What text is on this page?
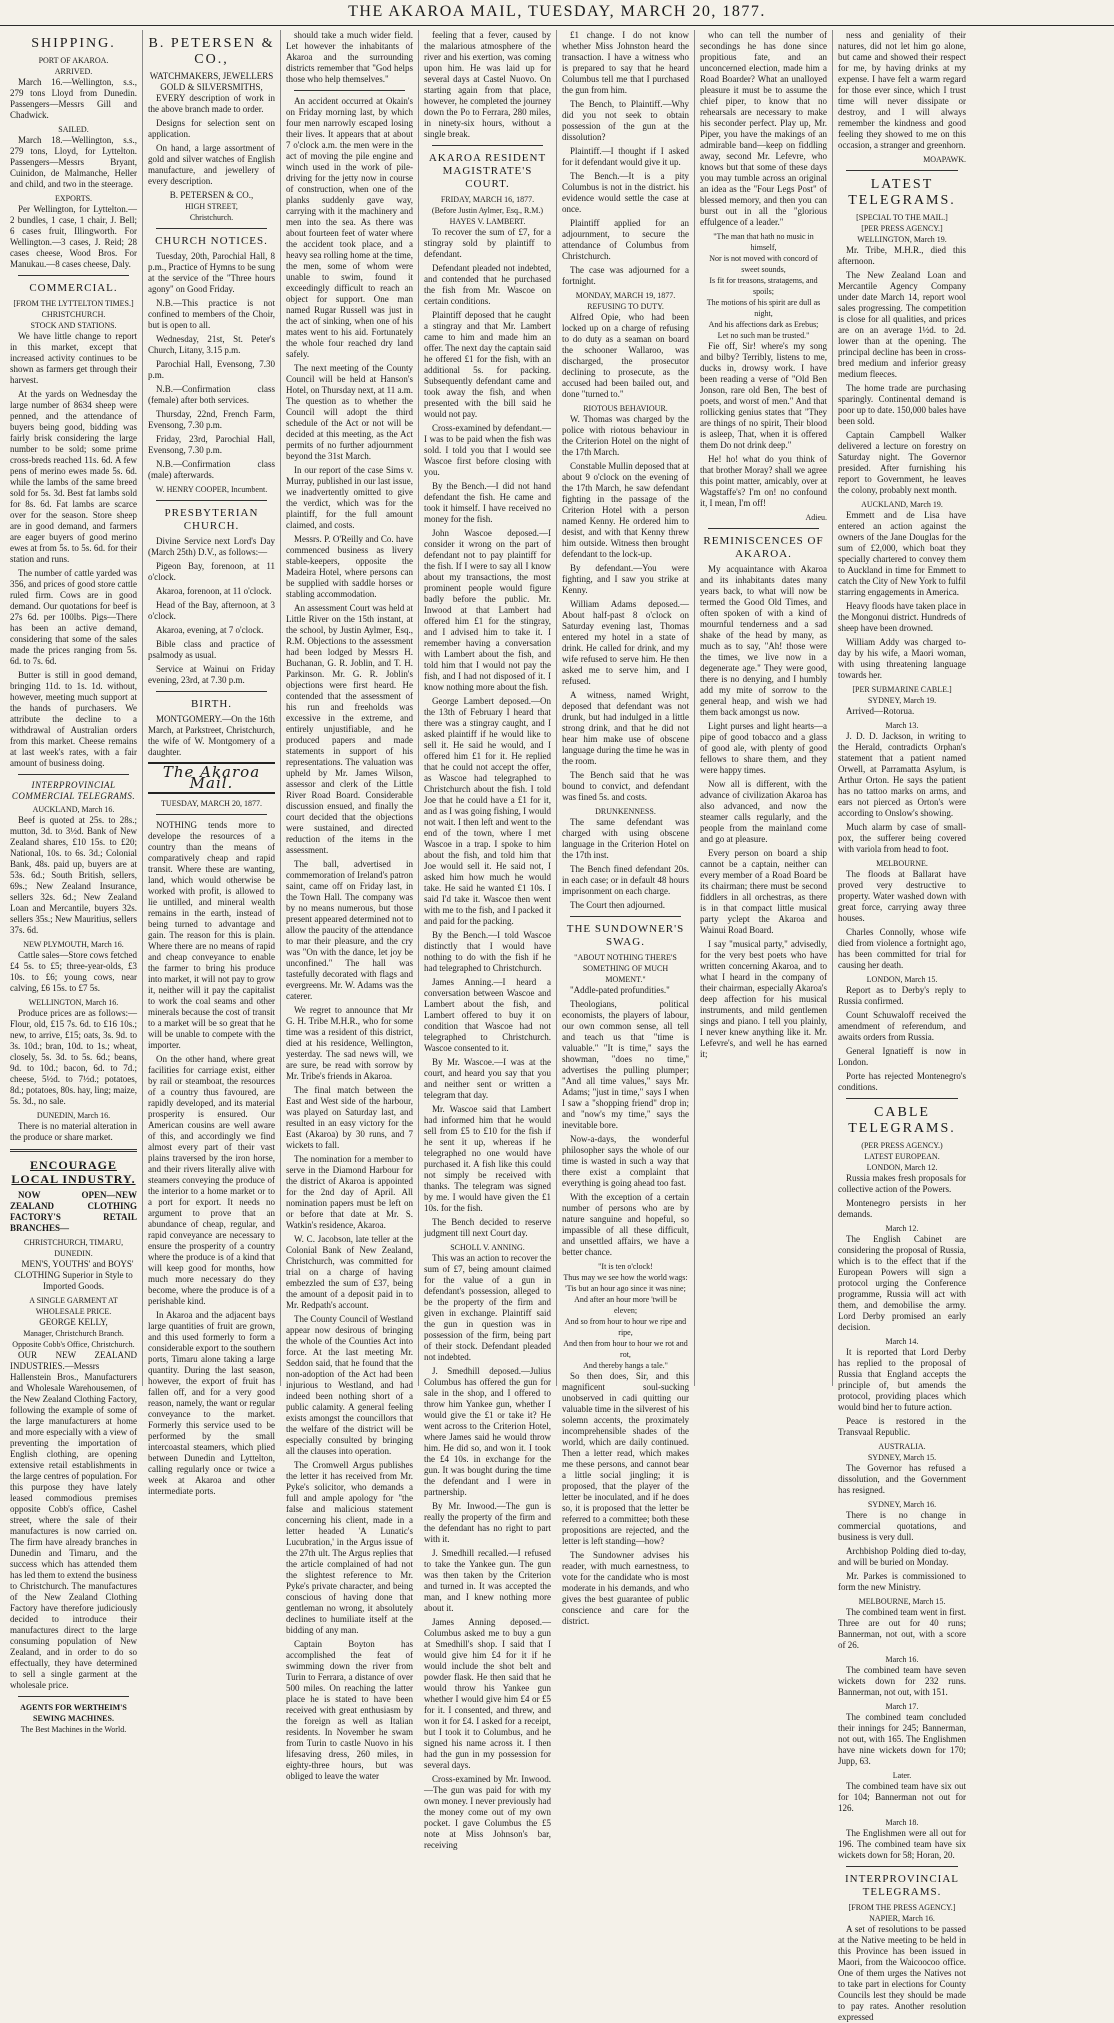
THE AKAROA MAIL, TUESDAY, MARCH 20, 1877.
SHIPPING.
PORT OF AKAROA.
ARRIVED.

March 16.—Wellington, s.s., 279 tons Lloyd from Dunedin. Passengers—Messrs Gill and Chadwick.

SAILED.

March 18.—Wellington, s.s., 279 tons, Lloyd, for Lyttelton. Passengers—Messrs Bryant, Cuinidon, de Malmanche, Heller and child, and two in the steerage.

EXPORTS.

Per Wellington, for Lyttelton.—2 bundles, 1 case, 1 chair, J. Bell; 6 cases fruit, Illingworth. For Wellington.—3 cases, J. Reid; 28 cases cheese, Wood Bros. For Manukau.—8 cases cheese, Daly.

COMMERCIAL.
[FROM THE LYTTELTON TIMES.]
CHRISTCHURCH.
STOCK AND STATIONS.

We have little change to report in this market, except that increased activity continues to be shown as farmers get through their harvest.

At the yards on Wednesday the large number of 8634 sheep were penned, and the attendance of buyers being good, bidding was fairly brisk considering the large number to be sold; some prime cross-breds reached 11s. 6d. A few pens of merino ewes made 5s. 6d. while the lambs of the same breed sold for 5s. 3d. Best fat lambs sold for 8s. 6d. Fat lambs are scarce over for the season. Store sheep are in good demand, and farmers are eager buyers of good merino ewes at from 5s. to 5s. 6d. for their station and runs.

The number of cattle yarded was 356, and prices of good store cattle ruled firm. Cows are in good demand. Our quotations for beef is 27s 6d. per 100lbs. Pigs—There has been an active demand, considering that some of the sales made the prices ranging from 5s. 6d. to 7s. 6d.

Butter is still in good demand, bringing 11d. to 1s. 1d. without, however, meeting much support at the hands of purchasers. We attribute the decline to a withdrawal of Australian orders from this market. Cheese remains at last week's rates, with a fair amount of business doing.

INTERPROVINCIAL COMMERCIAL TELEGRAMS.
AUCKLAND, March 16.

Beef is quoted at 25s. to 28s.; mutton, 3d. to 3½d. Bank of New Zealand shares, £10 15s. to £20; National, 10s. to 6s. 3d.; Colonial Bank, 48s. paid up, buyers are at 53s. 6d.; South British, sellers, 69s.; New Zealand Insurance, sellers 32s. 6d.; New Zealand Loan and Mercantile, buyers 32s. sellers 35s.; New Mauritius, sellers 37s. 6d.

NEW PLYMOUTH, March 16.

Cattle sales—Store cows fetched £4 5s. to £5; three-year-olds, £3 10s. to £6; young cows, near calving, £6 15s. to £7 5s.

WELLINGTON, March 16.

Produce prices are as follows:—Flour, old, £15 7s. 6d. to £16 10s.; new, to arrive, £15; oats, 3s. 9d. to 3s. 10d.; bran, 10d. to 1s.; wheat, closely, 5s. 3d. to 5s. 6d.; beans, 9d. to 10d.; bacon, 6d. to 7d.; cheese, 5½d. to 7½d.; potatoes, 8d.; potatoes, 80s. hay, ling; maize, 5s. 3d., no sale.

DUNEDIN, March 16.

There is no material alteration in the produce or share market.

ENCOURAGE LOCAL INDUSTRY.

NOW OPEN—NEW ZEALAND CLOTHING FACTORY'S RETAIL BRANCHES—

CHRISTCHURCH, TIMARU, DUNEDIN.

MEN'S, YOUTHS' and BOYS' CLOTHING Superior in Style to Imported Goods.

A SINGLE GARMENT AT WHOLESALE PRICE.
GEORGE KELLY,
Manager, Christchurch Branch.
Opposite Cobb's Office, Christchurch.

OUR NEW ZEALAND INDUSTRIES.—Messrs Hallenstein Bros., Manufacturers and Wholesale Warehousemen, of the New Zealand Clothing Factory, following the example of some of the large manufacturers at home and more especially with a view of preventing the importation of English clothing, are opening extensive retail establishments in the large centres of population. For this purpose they have lately leased commodious premises opposite Cobb's office, Cashel street, where the sale of their manufactures is now carried on. The firm have already branches in Dunedin and Timaru, and the success which has attended them has led them to extend the business to Christchurch. The manufactures of the New Zealand Clothing Factory have therefore judiciously decided to introduce their manufactures direct to the large consuming population of New Zealand, and in order to do so effectually, they have determined to sell a single garment at the wholesale price.

AGENTS FOR WERTHEIM'S SEWING MACHINES.
The Best Machines in the World.
B. PETERSEN & CO.,
WATCHMAKERS, JEWELLERS GOLD & SILVERSMITHS,

EVERY description of work in the above branch made to order.

Designs for selection sent on application.

On hand, a large assortment of gold and silver watches of English manufacture, and jewellery of every description.

B. PETERSEN & CO.,
HIGH STREET,
Christchurch.
CHURCH NOTICES.

Tuesday, 20th, Parochial Hall, 8 p.m., Practice of Hymns to be sung at the service of the "Three hours agony" on Good Friday.

N.B.—This practice is not confined to members of the Choir, but is open to all.

Wednesday, 21st, St. Peter's Church, Litany, 3.15 p.m.

Parochial Hall, Evensong, 7.30 p.m.

N.B.—Confirmation class (female) after both services.

Thursday, 22nd, French Farm, Evensong, 7.30 p.m.

Friday, 23rd, Parochial Hall, Evensong, 7.30 p.m.

N.B.—Confirmation class (male) afterwards.

W. HENRY COOPER, Incumbent.
PRESBYTERIAN CHURCH.

Divine Service next Lord's Day (March 25th) D.V., as follows:—

Pigeon Bay, forenoon, at 11 o'clock.

Akaroa, forenoon, at 11 o'clock.

Head of the Bay, afternoon, at 3 o'clock.

Akaroa, evening, at 7 o'clock.

Bible class and practice of psalmody as usual.

Service at Wainui on Friday evening, 23rd, at 7.30 p.m.

BIRTH.

MONTGOMERY.—On the 16th March, at Parkstreet, Christchurch, the wife of W. Montgomery of a daughter.

The Akaroa Mail.
TUESDAY, MARCH 20, 1877.

NOTHING tends more to develope the resources of a country than the means of comparatively cheap and rapid transit. Where these are wanting, land, which would otherwise be worked with profit, is allowed to lie untilled, and mineral wealth remains in the earth, instead of being turned to advantage and gain. The reason for this is plain. Where there are no means of rapid and cheap conveyance to enable the farmer to bring his produce into market, it will not pay to grow it, neither will it pay the capitalist to work the coal seams and other minerals because the cost of transit to a market will be so great that he will be unable to compete with the importer.

On the other hand, where great facilities for carriage exist, either by rail or steamboat, the resources of a country thus favoured, are rapidly developed, and its material prosperity is ensured. Our American cousins are well aware of this, and accordingly we find almost every part of their vast plains traversed by the iron horse, and their rivers literally alive with steamers conveying the produce of the interior to a home market or to a port for export. It needs no argument to prove that an abundance of cheap, regular, and rapid conveyance are necessary to ensure the prosperity of a country where the produce is of a kind that will keep good for months, how much more necessary do they become, where the produce is of a perishable kind.

In Akaroa and the adjacent bays large quantities of fruit are grown, and this used formerly to form a considerable export to the southern ports, Timaru alone taking a large quantity. During the last season, however, the export of fruit has fallen off, and for a very good reason, namely, the want or regular conveyance to the market. Formerly this service used to be performed by the small intercoastal steamers, which plied between Dunedin and Lyttelton, calling regularly once or twice a week at Akaroa and other intermediate ports.

should take a much wider field. Let however the inhabitants of Akaroa and the surrounding districts remember that "God helps those who help themselves."

An accident occurred at Okain's on Friday morning last, by which four men narrowly escaped losing their lives. It appears that at about 7 o'clock a.m. the men were in the act of moving the pile engine and winch used in the work of pile-driving for the jetty now in course of construction, when one of the planks suddenly gave way, carrying with it the machinery and men into the sea. As there was about fourteen feet of water where the accident took place, and a heavy sea rolling home at the time, the men, some of whom were unable to swim, found it exceedingly difficult to reach an object for support. One man named Rugar Russell was just in the act of sinking, when one of his mates went to his aid. Fortunately the whole four reached dry land safely.

The next meeting of the County Council will be held at Hanson's Hotel, on Thursday next, at 11 a.m. The question as to whether the Council will adopt the third schedule of the Act or not will be decided at this meeting, as the Act permits of no further adjournment beyond the 31st March.

In our report of the case Sims v. Murray, published in our last issue, we inadvertently omitted to give the verdict, which was for the plaintiff, for the full amount claimed, and costs.

Messrs. P. O'Reilly and Co. have commenced business as livery stable-keepers, opposite the Madeira Hotel, where persons can be supplied with saddle horses or stabling accommodation.

An assessment Court was held at Little River on the 15th instant, at the school, by Justin Aylmer, Esq., R.M. Objections to the assessment had been lodged by Messrs H. Buchanan, G. R. Joblin, and T. H. Parkinson. Mr. G. R. Joblin's objections were first heard. He contended that the assessment of his run and freeholds was excessive in the extreme, and entirely unjustifiable, and he produced papers and made statements in support of his representations. The valuation was upheld by Mr. James Wilson, assessor and clerk of the Little River Road Board. Considerable discussion ensued, and finally the court decided that the objections were sustained, and directed reduction of the items in the assessment.

The ball, advertised in commemoration of Ireland's patron saint, came off on Friday last, in the Town Hall. The company was by no means numerous, but those present appeared determined not to allow the paucity of the attendance to mar their pleasure, and the cry was "On with the dance, let joy be unconfined." The hall was tastefully decorated with flags and evergreens. Mr. W. Adams was the caterer.

We regret to announce that Mr G. H. Tribe M.H.R., who for some time was a resident of this district, died at his residence, Wellington, yesterday. The sad news will, we are sure, be read with sorrow by Mr. Tribe's friends in Akaroa.

The final match between the East and West side of the harbour, was played on Saturday last, and resulted in an easy victory for the East (Akaroa) by 30 runs, and 7 wickets to fall.

The nomination for a member to serve in the Diamond Harbour for the district of Akaroa is appointed for the 2nd day of April. All nomination papers must be left on or before that date at Mr. S. Watkin's residence, Akaroa.

W. C. Jacobson, late teller at the Colonial Bank of New Zealand, Christchurch, was committed for trial on a charge of having embezzled the sum of £37, being the amount of a deposit paid in to Mr. Redpath's account.

The County Council of Westland appear now desirous of bringing the whole of the Counties Act into force. At the last meeting Mr. Seddon said, that he found that the non-adoption of the Act had been injurious to Westland, and had indeed been nothing short of a public calamity. A general feeling exists amongst the councillors that the welfare of the district will be especially consulted by bringing all the clauses into operation.

The Cromwell Argus publishes the letter it has received from Mr. Pyke's solicitor, who demands a full and ample apology for "the false and malicious statement concerning his client, made in a letter headed 'A Lunatic's Lucubration,' in the Argus issue of the 27th ult. The Argus replies that the article complained of had not the slightest reference to Mr. Pyke's private character, and being conscious of having done that gentleman no wrong, it absolutely declines to humiliate itself at the bidding of any man.

Captain Boyton has accomplished the feat of swimming down the river from Turin to Ferrara, a distance of over 500 miles. On reaching the latter place he is stated to have been received with great enthusiasm by the foreign as well as Italian residents. In November he swam from Turin to castle Nuovo in his lifesaving dress, 260 miles, in eighty-three hours, but was obliged to leave the water

feeling that a fever, caused by the malarious atmosphere of the river and his exertion, was coming upon him. He was laid up for several days at Castel Nuovo. On starting again from that place, however, he completed the journey down the Po to Ferrara, 280 miles, in ninety-six hours, without a single break.

AKAROA RESIDENT MAGISTRATE'S COURT.
FRIDAY, MARCH 16, 1877.
(Before Justin Aylmer, Esq., R.M.)
HAYES V. LAMBERT.

To recover the sum of £7, for a stingray sold by plaintiff to defendant.

Defendant pleaded not indebted, and contended that he purchased the fish from Mr. Wascoe on certain conditions.

Plaintiff deposed that he caught a stingray and that Mr. Lambert came to him and made him an offer. The next day the captain said he offered £1 for the fish, with an additional 5s. for packing. Subsequently defendant came and took away the fish, and when presented with the bill said he would not pay.

Cross-examined by defendant.—I was to be paid when the fish was sold. I told you that I would see Wascoe first before closing with you.

By the Bench.—I did not hand defendant the fish. He came and took it himself. I have received no money for the fish.

John Wascoe deposed.—I consider it wrong on the part of defendant not to pay plaintiff for the fish. If I were to say all I know about my transactions, the most prominent people would figure badly before the public. Mr. Inwood at that Lambert had offered him £1 for the stingray, and I advised him to take it. I remember having a conversation with Lambert about the fish, and told him that I would not pay the fish, and I had not disposed of it. I know nothing more about the fish.

George Lambert deposed.—On the 13th of February I heard that there was a stingray caught, and I asked plaintiff if he would like to sell it. He said he would, and I offered him £1 for it. He replied that he could not accept the offer, as Wascoe had telegraphed to Christchurch about the fish. I told Joe that he could have a £1 for it, and as I was going fishing, I would not wait. I then left and went to the end of the town, where I met Wascoe in a trap. I spoke to him about the fish, and told him that Joe would sell it. He said not, I asked him how much he would take. He said he wanted £1 10s. I said I'd take it. Wascoe then went with me to the fish, and I packed it and paid for the packing.

By the Bench.—I told Wascoe distinctly that I would have nothing to do with the fish if he had telegraphed to Christchurch.

James Anning.—I heard a conversation between Wascoe and Lambert about the fish, and Lambert offered to buy it on condition that Wascoe had not telegraphed to Christchurch. Wascoe consented to it.

By Mr. Wascoe.—I was at the court, and heard you say that you and neither sent or written a telegram that day.

Mr. Wascoe said that Lambert had informed him that he would sell from £5 to £10 for the fish if he sent it up, whereas if he telegraphed no one would have purchased it. A fish like this could not simply be received with thanks. The telegram was signed by me. I would have given the £1 10s. for the fish.

The Bench decided to reserve judgment till next Court day.

SCHOLL V. ANNING.

This was an action to recover the sum of £7, being amount claimed for the value of a gun in defendant's possession, alleged to be the property of the firm and given in exchange. Plaintiff said the gun in question was in possession of the firm, being part of their stock. Defendant pleaded not indebted.

J. Smedhill deposed.—Julius Columbus has offered the gun for sale in the shop, and I offered to throw him Yankee gun, whether I would give the £1 or take it? He went across to the Criterion Hotel, where James said he would throw him. He did so, and won it. I took the £4 10s. in exchange for the gun. It was bought during the time the defendant and I were in partnership.

By Mr. Inwood.—The gun is really the property of the firm and the defendant has no right to part with it.

J. Smedhill recalled.—I refused to take the Yankee gun. The gun was then taken by the Criterion and turned in. It was accepted the man, and I knew nothing more about it.

James Anning deposed.—Columbus asked me to buy a gun at Smedhill's shop. I said that I would give him £4 for it if he would include the shot belt and powder flask. He then said that he would throw his Yankee gun whether I would give him £4 or £5 for it. I consented, and threw, and won it for £4. I asked for a receipt, but I took it to Columbus, and he signed his name across it. I then had the gun in my possession for several days.

Cross-examined by Mr. Inwood.—The gun was paid for with my own money. I never previously had the money come out of my own pocket. I gave Columbus the £5 note at Miss Johnson's bar, receiving

£1 change. I do not know whether Miss Johnston heard the transaction. I have a witness who is prepared to say that he heard Columbus tell me that I purchased the gun from him.

The Bench, to Plaintiff.—Why did you not seek to obtain possession of the gun at the dissolution?

Plaintiff.—I thought if I asked for it defendant would give it up.

The Bench.—It is a pity Columbus is not in the district. his evidence would settle the case at once.

Plaintiff applied for an adjournment, to secure the attendance of Columbus from Christchurch.

The case was adjourned for a fortnight.

MONDAY, MARCH 19, 1877.
REFUSING TO DUTY.

Alfred Opie, who had been locked up on a charge of refusing to do duty as a seaman on board the schooner Wallaroo, was discharged, the prosecutor declining to prosecute, as the accused had been bailed out, and done "turned to."

RIOTOUS BEHAVIOUR.

W. Thomas was charged by the police with riotous behaviour in the Criterion Hotel on the night of the 17th March.

Constable Mullin deposed that at about 9 o'clock on the evening of the 17th March, he saw defendant fighting in the passage of the Criterion Hotel with a person named Kenny. He ordered him to desist, and with that Kenny threw him outside. Witness then brought defendant to the lock-up.

By defendant.—You were fighting, and I saw you strike at Kenny.

William Adams deposed.—About half-past 8 o'clock on Saturday evening last, Thomas entered my hotel in a state of drink. He called for drink, and my wife refused to serve him. He then asked me to serve him, and I refused.

A witness, named Wright, deposed that defendant was not drunk, but had indulged in a little strong drink, and that he did not hear him make use of obscene language during the time he was in the room.

The Bench said that he was bound to convict, and defendant was fined 5s. and costs.

DRUNKENNESS.

The same defendant was charged with using obscene language in the Criterion Hotel on the 17th inst.

The Bench fined defendant 20s. in each case; or in default 48 hours imprisonment on each charge.

The Court then adjourned.

THE SUNDOWNER'S SWAG.
"ABOUT NOTHING THERE'S SOMETHING OF MUCH MOMENT."

"Addle-pated profundities."

Theologians, political economists, the players of labour, our own common sense, all tell and teach us that "time is valuable." "It is time," says the showman, "does no time," advertises the pulling plumper; "And all time values," says Mr. Adams; "just in time," says I when I saw a "shopping friend" drop in; and "now's my time," says the inevitable bore.

Now-a-days, the wonderful philosopher says the whole of our time is wasted in such a way that there exist a complaint that everything is going ahead too fast.

With the exception of a certain number of persons who are by nature sanguine and hopeful, so impassible of all these difficult, and unsettled affairs, we have a better chance.

"It is ten o'clock!
Thus may we see how the world wags:
'Tis but an hour ago since it was nine;
And after an hour more 'twill be eleven;
And so from hour to hour we ripe and ripe,
And then from hour to hour we rot and rot,
And thereby hangs a tale."

So then does, Sir, and this magnificent soul-sucking unobserved in cadi quitting our valuable time in the silverest of his solemn accents, the proximately incomprehensible shades of the world, which are daily continued. Then a letter read, which makes me these persons, and cannot bear a little social jingling; it is proposed, that the player of the letter be inoculated, and if he does so, it is proposed that the letter be referred to a committee; both these propositions are rejected, and the letter is left standing—how?

The Sundowner advises his reader, with much earnestness, to vote for the candidate who is most moderate in his demands, and who gives the best guarantee of public conscience and care for the district.

who can tell the number of secondings he has done since propitious fate, and an unconcerned election, made him a Road Boarder? What an unalloyed pleasure it must be to assume the chief piper, to know that no rehearsals are necessary to make his seconder perfect. Play up, Mr. Piper, you have the makings of an admirable band—keep on fiddling away, second Mr. Lefevre, who knows but that some of these days you may tumble across an original an idea as the "Four Legs Post" of blessed memory, and then you can burst out in all the "glorious effulgence of a leader."

"The man that hath no music in himself,
Nor is not moved with concord of sweet sounds,
Is fit for treasons, stratagems, and spoils;
The motions of his spirit are dull as night,
And his affections dark as Erebus;
Let no such man be trusted."

Fie off, Sir! where's my song and bilby? Terribly, listens to me, ducks in, drowsy work. I have been reading a verse of "Old Ben Jonson, rare old Ben, The best of poets, and worst of men." And that rollicking genius states that "They are things of no spirit, Their blood is asleep, That, when it is offered them Do not drink deep."

He! ho! what do you think of that brother Moray? shall we agree this point matter, amicably, over at Wagstaffe's? I'm on! no confound it, I mean, I'm off!

Adieu.
REMINISCENCES OF AKAROA.

My acquaintance with Akaroa and its inhabitants dates many years back, to what will now be termed the Good Old Times, and often spoken of with a kind of mournful tenderness and a sad shake of the head by many, as much as to say, "Ah! those were the times, we live now in a degenerate age." They were good, there is no denying, and I humbly add my mite of sorrow to the general heap, and wish we had them back amongst us now.

Light purses and light hearts—a pipe of good tobacco and a glass of good ale, with plenty of good fellows to share them, and they were happy times.

Now all is different, with the advance of civilization Akaroa has also advanced, and now the steamer calls regularly, and the people from the mainland come and go at pleasure.

Every person on board a ship cannot be a captain, neither can every member of a Road Board be its chairman; there must be second fiddlers in all orchestras, as there is in that compact little musical party yclept the Akaroa and Wainui Road Board.

I say "musical party," advisedly, for the very best poets who have written concerning Akaroa, and to what I heard in the company of their chairman, especially Akaroa's deep affection for his musical instruments, and mild gentlemen sings and piano. I tell you plainly, I never knew anything like it. Mr. Lefevre's, and well he has earned it;

ness and geniality of their natures, did not let him go alone, but came and showed their respect for me, by having drinks at my expense. I have felt a warm regard for those ever since, which I trust time will never dissipate or destroy, and I will always remember the kindness and good feeling they showed to me on this occasion, a stranger and greenhorn.

MOAPAWK.
LATEST TELEGRAMS.
[SPECIAL TO THE MAIL.]
[PER PRESS AGENCY.]
WELLINGTON, March 19.

Mr. Tribe, M.H.R., died this afternoon.

The New Zealand Loan and Mercantile Agency Company under date March 14, report wool sales progressing. The competition is close for all qualities, and prices are on an average 1½d. to 2d. lower than at the opening. The principal decline has been in cross-bred medium and inferior greasy medium fleeces.

The home trade are purchasing sparingly. Continental demand is poor up to date. 150,000 bales have been sold.

Captain Campbell Walker delivered a lecture on forestry on Saturday night. The Governor presided. After furnishing his report to Government, he leaves the colony, probably next month.

AUCKLAND, March 19.

Emmett and de Lisa have entered an action against the owners of the Jane Douglas for the sum of £2,000, which boat they specially chartered to convey them to Auckland in time for Emmett to catch the City of New York to fulfil starring engagements in America.

Heavy floods have taken place in the Mongonui district. Hundreds of sheep have been drowned.

William Addy was charged to-day by his wife, a Maori woman, with using threatening language towards her.

[PER SUBMARINE CABLE.]
SYDNEY, March 19.

Arrived—Rotorua.

March 13.

J. D. D. Jackson, in writing to the Herald, contradicts Orphan's statement that a patient named Orwell, at Parramatta Asylum, is Arthur Orton. He says the patient has no tattoo marks on arms, and ears not pierced as Orton's were according to Onslow's showing.

Much alarm by case of small-pox, the sufferer being covered with variola from head to foot.

MELBOURNE.

The floods at Ballarat have proved very destructive to property. Water washed down with great force, carrying away three houses.

Charles Connolly, whose wife died from violence a fortnight ago, has been committed for trial for causing her death.

LONDON, March 15.

Report as to Derby's reply to Russia confirmed.

Count Schuwaloff received the amendment of referendum, and awaits orders from Russia.

General Ignatieff is now in London.

Porte has rejected Montenegro's conditions.

CABLE TELEGRAMS.
(PER PRESS AGENCY.)
LATEST EUROPEAN.
LONDON, March 12.

Russia makes fresh proposals for collective action of the Powers.

Montenegro persists in her demands.

March 12.

The English Cabinet are considering the proposal of Russia, which is to the effect that if the European Powers will sign a protocol urging the Conference programme, Russia will act with them, and demobilise the army. Lord Derby promised an early decision.

March 14.

It is reported that Lord Derby has replied to the proposal of Russia that England accepts the principle of, but amends the protocol, providing places which would bind her to future action.

Peace is restored in the Transvaal Republic.

AUSTRALIA.
SYDNEY, March 15.

The Governor has refused a dissolution, and the Government has resigned.

SYDNEY, March 16.

There is no change in commercial quotations, and business is very dull.

Archbishop Polding died to-day, and will be buried on Monday.

Mr. Parkes is commissioned to form the new Ministry.

MELBOURNE, March 15.

The combined team went in first. Three are out for 40 runs; Bannerman, not out, with a score of 26.

March 16.

The combined team have seven wickets down for 232 runs. Bannerman, not out, with 151.

March 17.

The combined team concluded their innings for 245; Bannerman, not out, with 165. The Englishmen have nine wickets down for 170; Jupp, 63.

Later.

The combined team have six out for 104; Bannerman not out for 126.

March 18.

The Englishmen were all out for 196. The combined team have six wickets down for 58; Horan, 20.

INTERPROVINCIAL TELEGRAMS.
[FROM THE PRESS AGENCY.]
NAPIER, March 16.

A set of resolutions to be passed at the Native meeting to be held in this Province has been issued in Maori, from the Waicoocoo office. One of them urges the Natives not to take part in elections for County Councils lest they should be made to pay rates. Another resolution expressed
